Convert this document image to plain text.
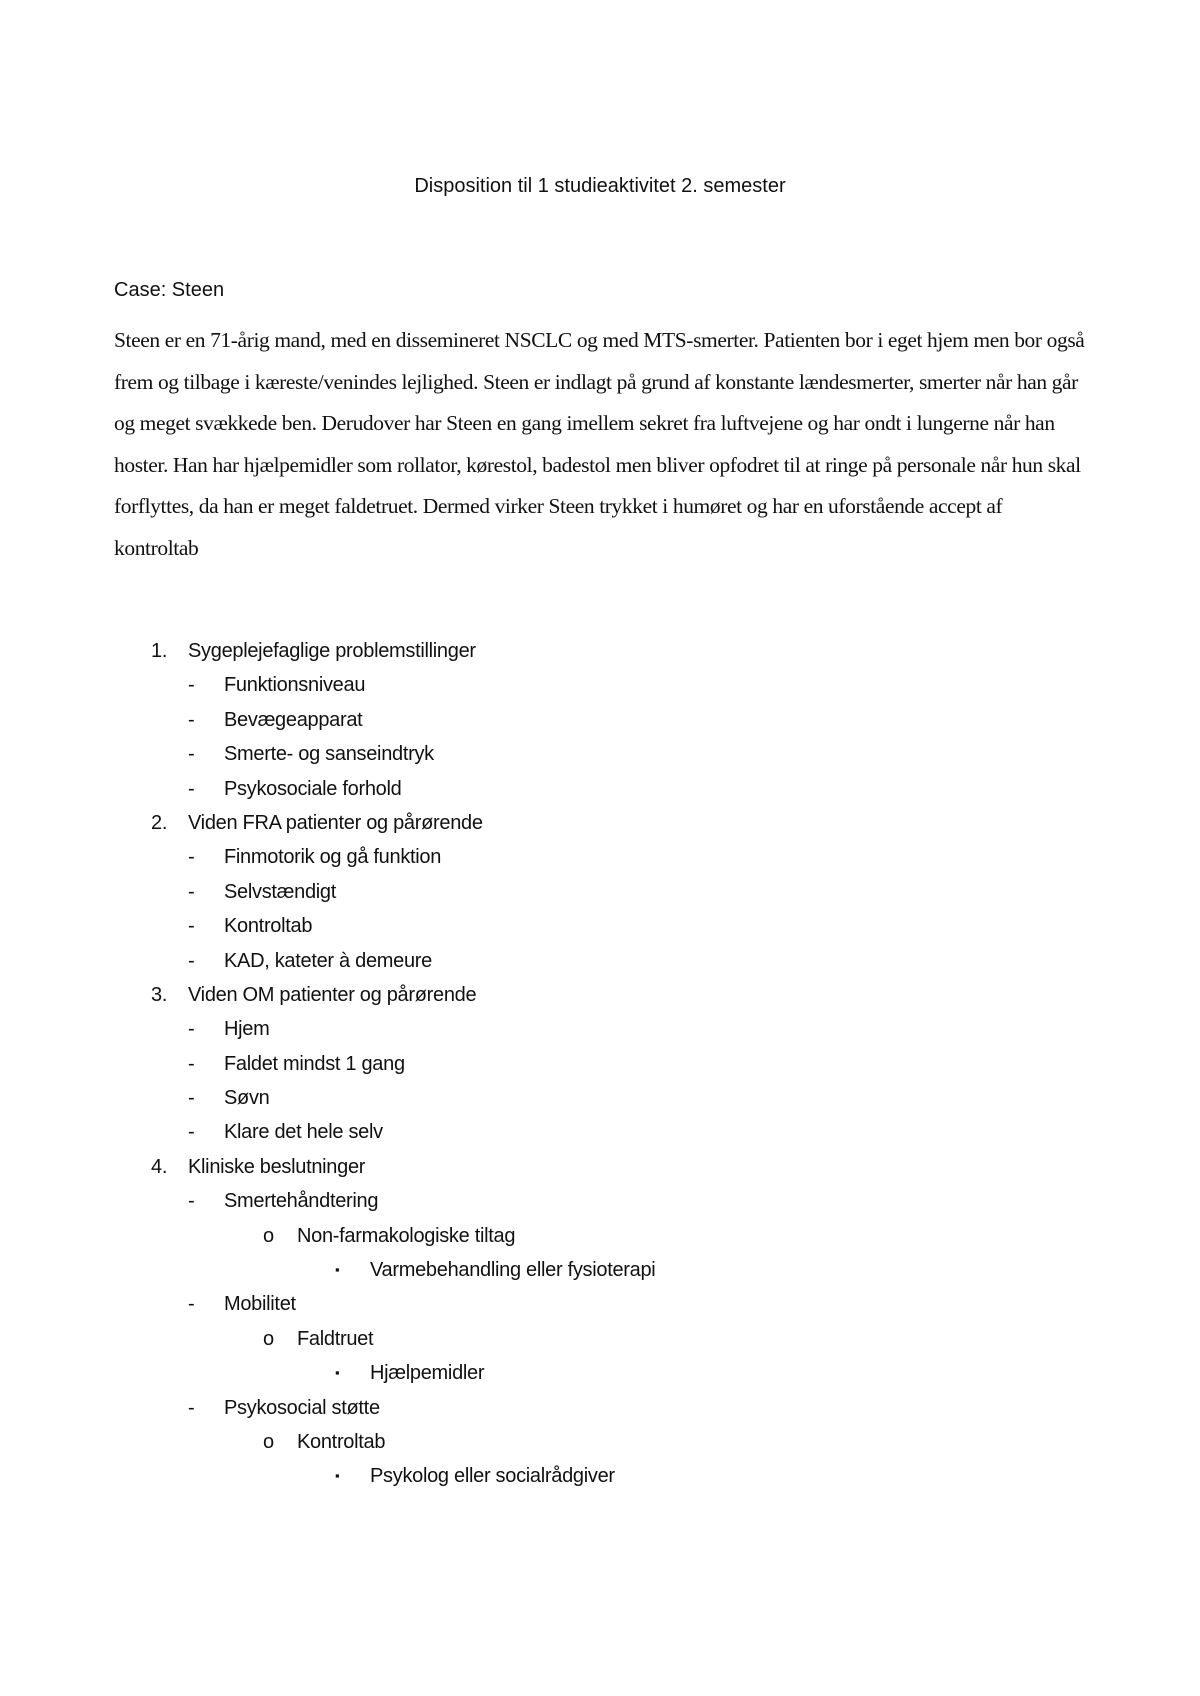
Disposition til 1 studieaktivitet 2. semester
Case: Steen

Steen er en 71-årig mand, med en dissemineret NSCLC og med MTS-smerter. Patienten bor i eget hjem men bor også frem og tilbage i kæreste/venindes lejlighed. Steen er indlagt på grund af konstante lændesmerter, smerter når han går og meget svækkede ben. Derudover har Steen en gang imellem sekret fra luftvejene og har ondt i lungerne når han hoster. Han har hjælpemidler som rollator, kørestol, badestol men bliver opfodret til at ringe på personale når hun skal forflyttes, da han er meget faldetruet. Dermed virker Steen trykket i humøret og har en uforstående accept af kontroltab

1. Sygeplejefaglige problemstillinger
- Funktionsniveau
- Bevægeapparat
- Smerte- og sanseindtryk
- Psykosociale forhold
2. Viden FRA patienter og pårørende
- Finmotorik og gå funktion
- Selvstændigt
- Kontroltab
- KAD, kateter à demeure
3. Viden OM patienter og pårørende
- Hjem
- Faldet mindst 1 gang
- Søvn
- Klare det hele selv
4. Kliniske beslutninger
- Smertehåndtering
o Non-farmakologiske tiltag
▪ Varmebehandling eller fysioterapi
- Mobilitet
o Faldtruet
▪ Hjælpemidler
- Psykosocial støtte
o Kontroltab
▪ Psykolog eller socialrådgiver
